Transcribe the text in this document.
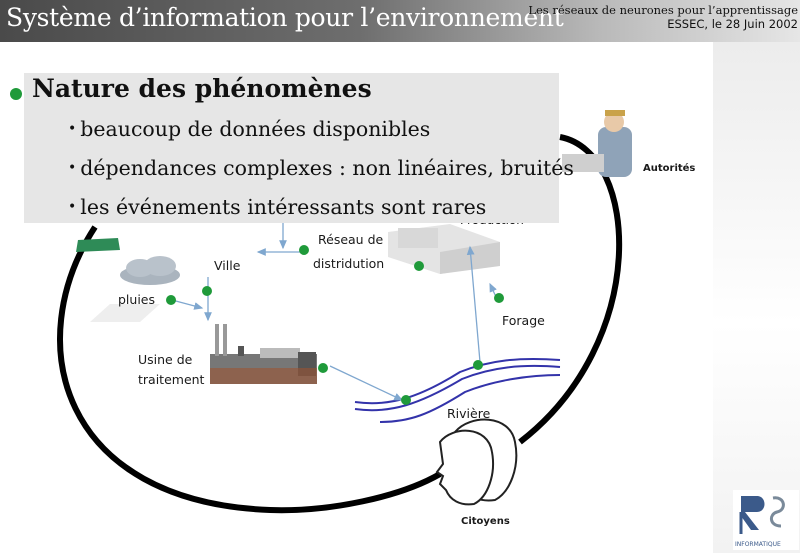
Système d’information pour l’environnement
Les réseaux de neurones pour l’apprentissage
ESSEC, le 28 Juin 2002
Autorités
Réseau de
distridution
Ville
pluies
Forage
Usine de
traitement
Rivière
Citoyens
Nature des phénomènes
• beaucoup de données disponibles
• dépendances complexes : non linéaires, bruités
• les événements intéressants sont rares
INFORMATIQUE
